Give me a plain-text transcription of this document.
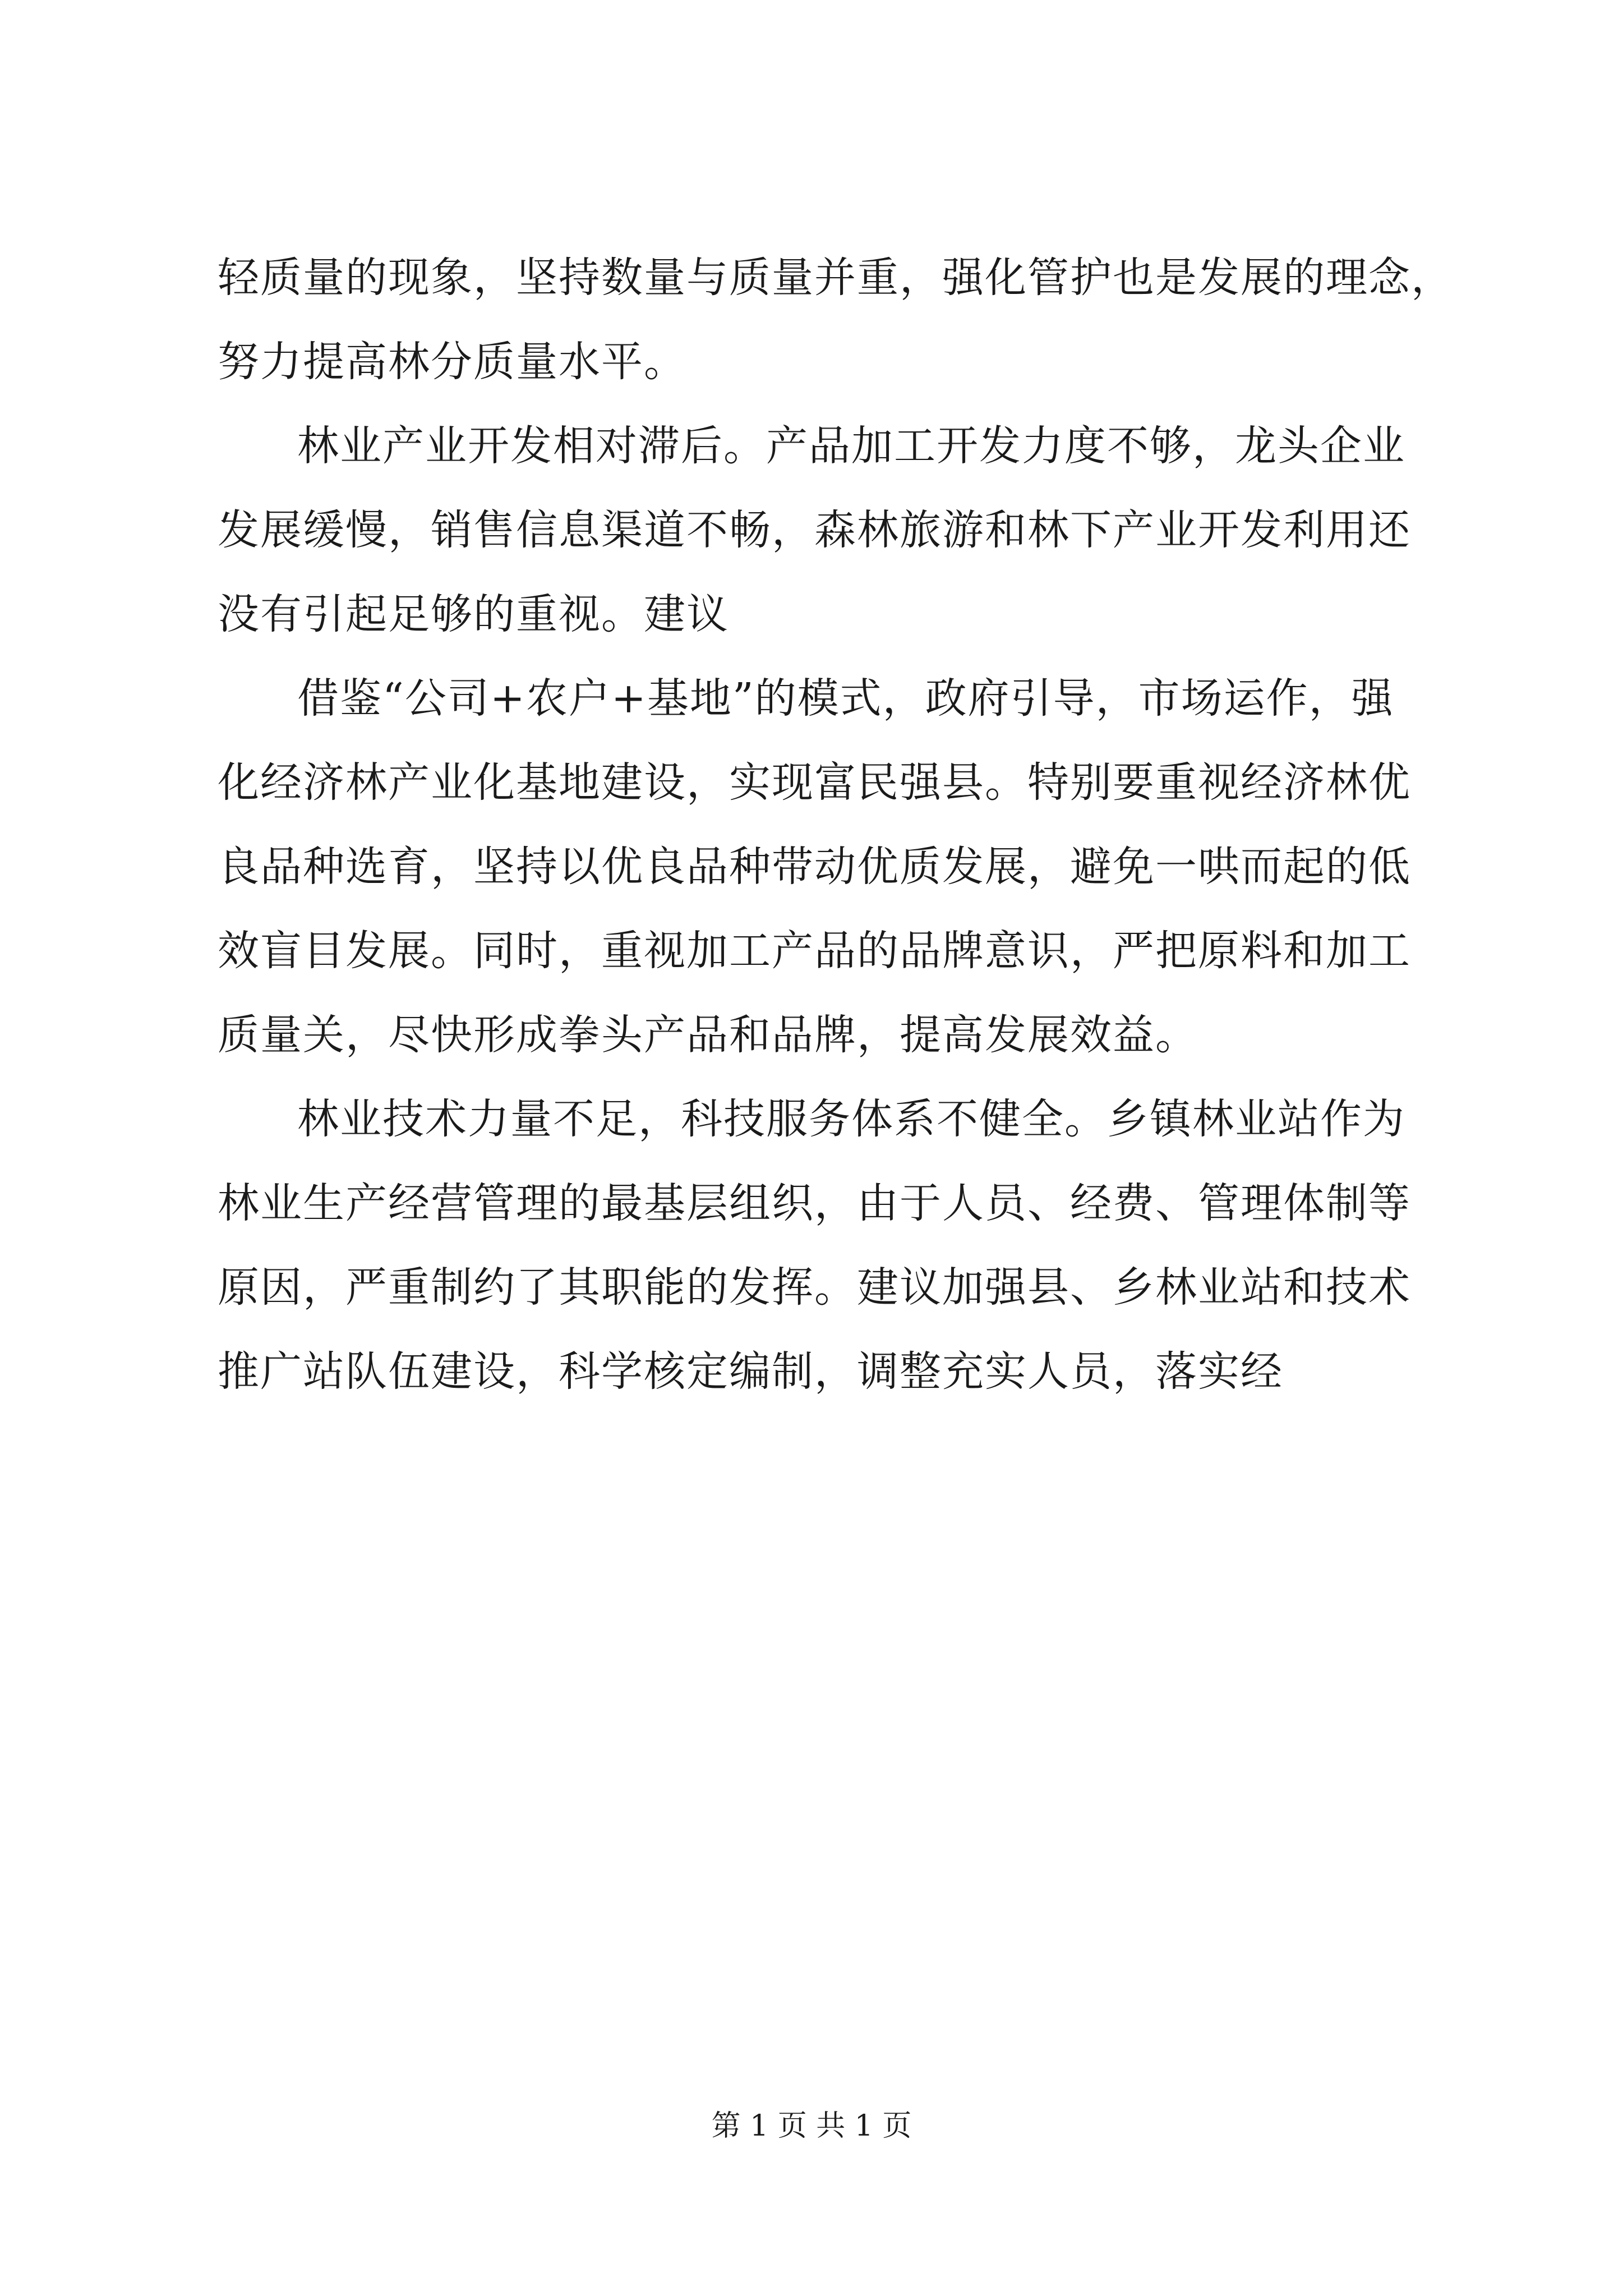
轻质量的现象，坚持数量与质量并重，强化管护也是发展的理念，
努力提高林分质量水平。
林业产业开发相对滞后。产品加工开发力度不够，龙头企业
发展缓慢，销售信息渠道不畅，森林旅游和林下产业开发利用还
没有引起足够的重视。建议
借鉴“公司+农户+基地”的模式，政府引导，市场运作，强
化经济林产业化基地建设，实现富民强县。特别要重视经济林优
良品种选育，坚持以优良品种带动优质发展，避免一哄而起的低
效盲目发展。同时，重视加工产品的品牌意识，严把原料和加工
质量关，尽快形成拳头产品和品牌，提高发展效益。
林业技术力量不足，科技服务体系不健全。乡镇林业站作为
林业生产经营管理的最基层组织，由于人员、经费、管理体制等
原因，严重制约了其职能的发挥。建议加强县、乡林业站和技术
推广站队伍建设，科学核定编制，调整充实人员，落实经
第 1 页 共 1 页
